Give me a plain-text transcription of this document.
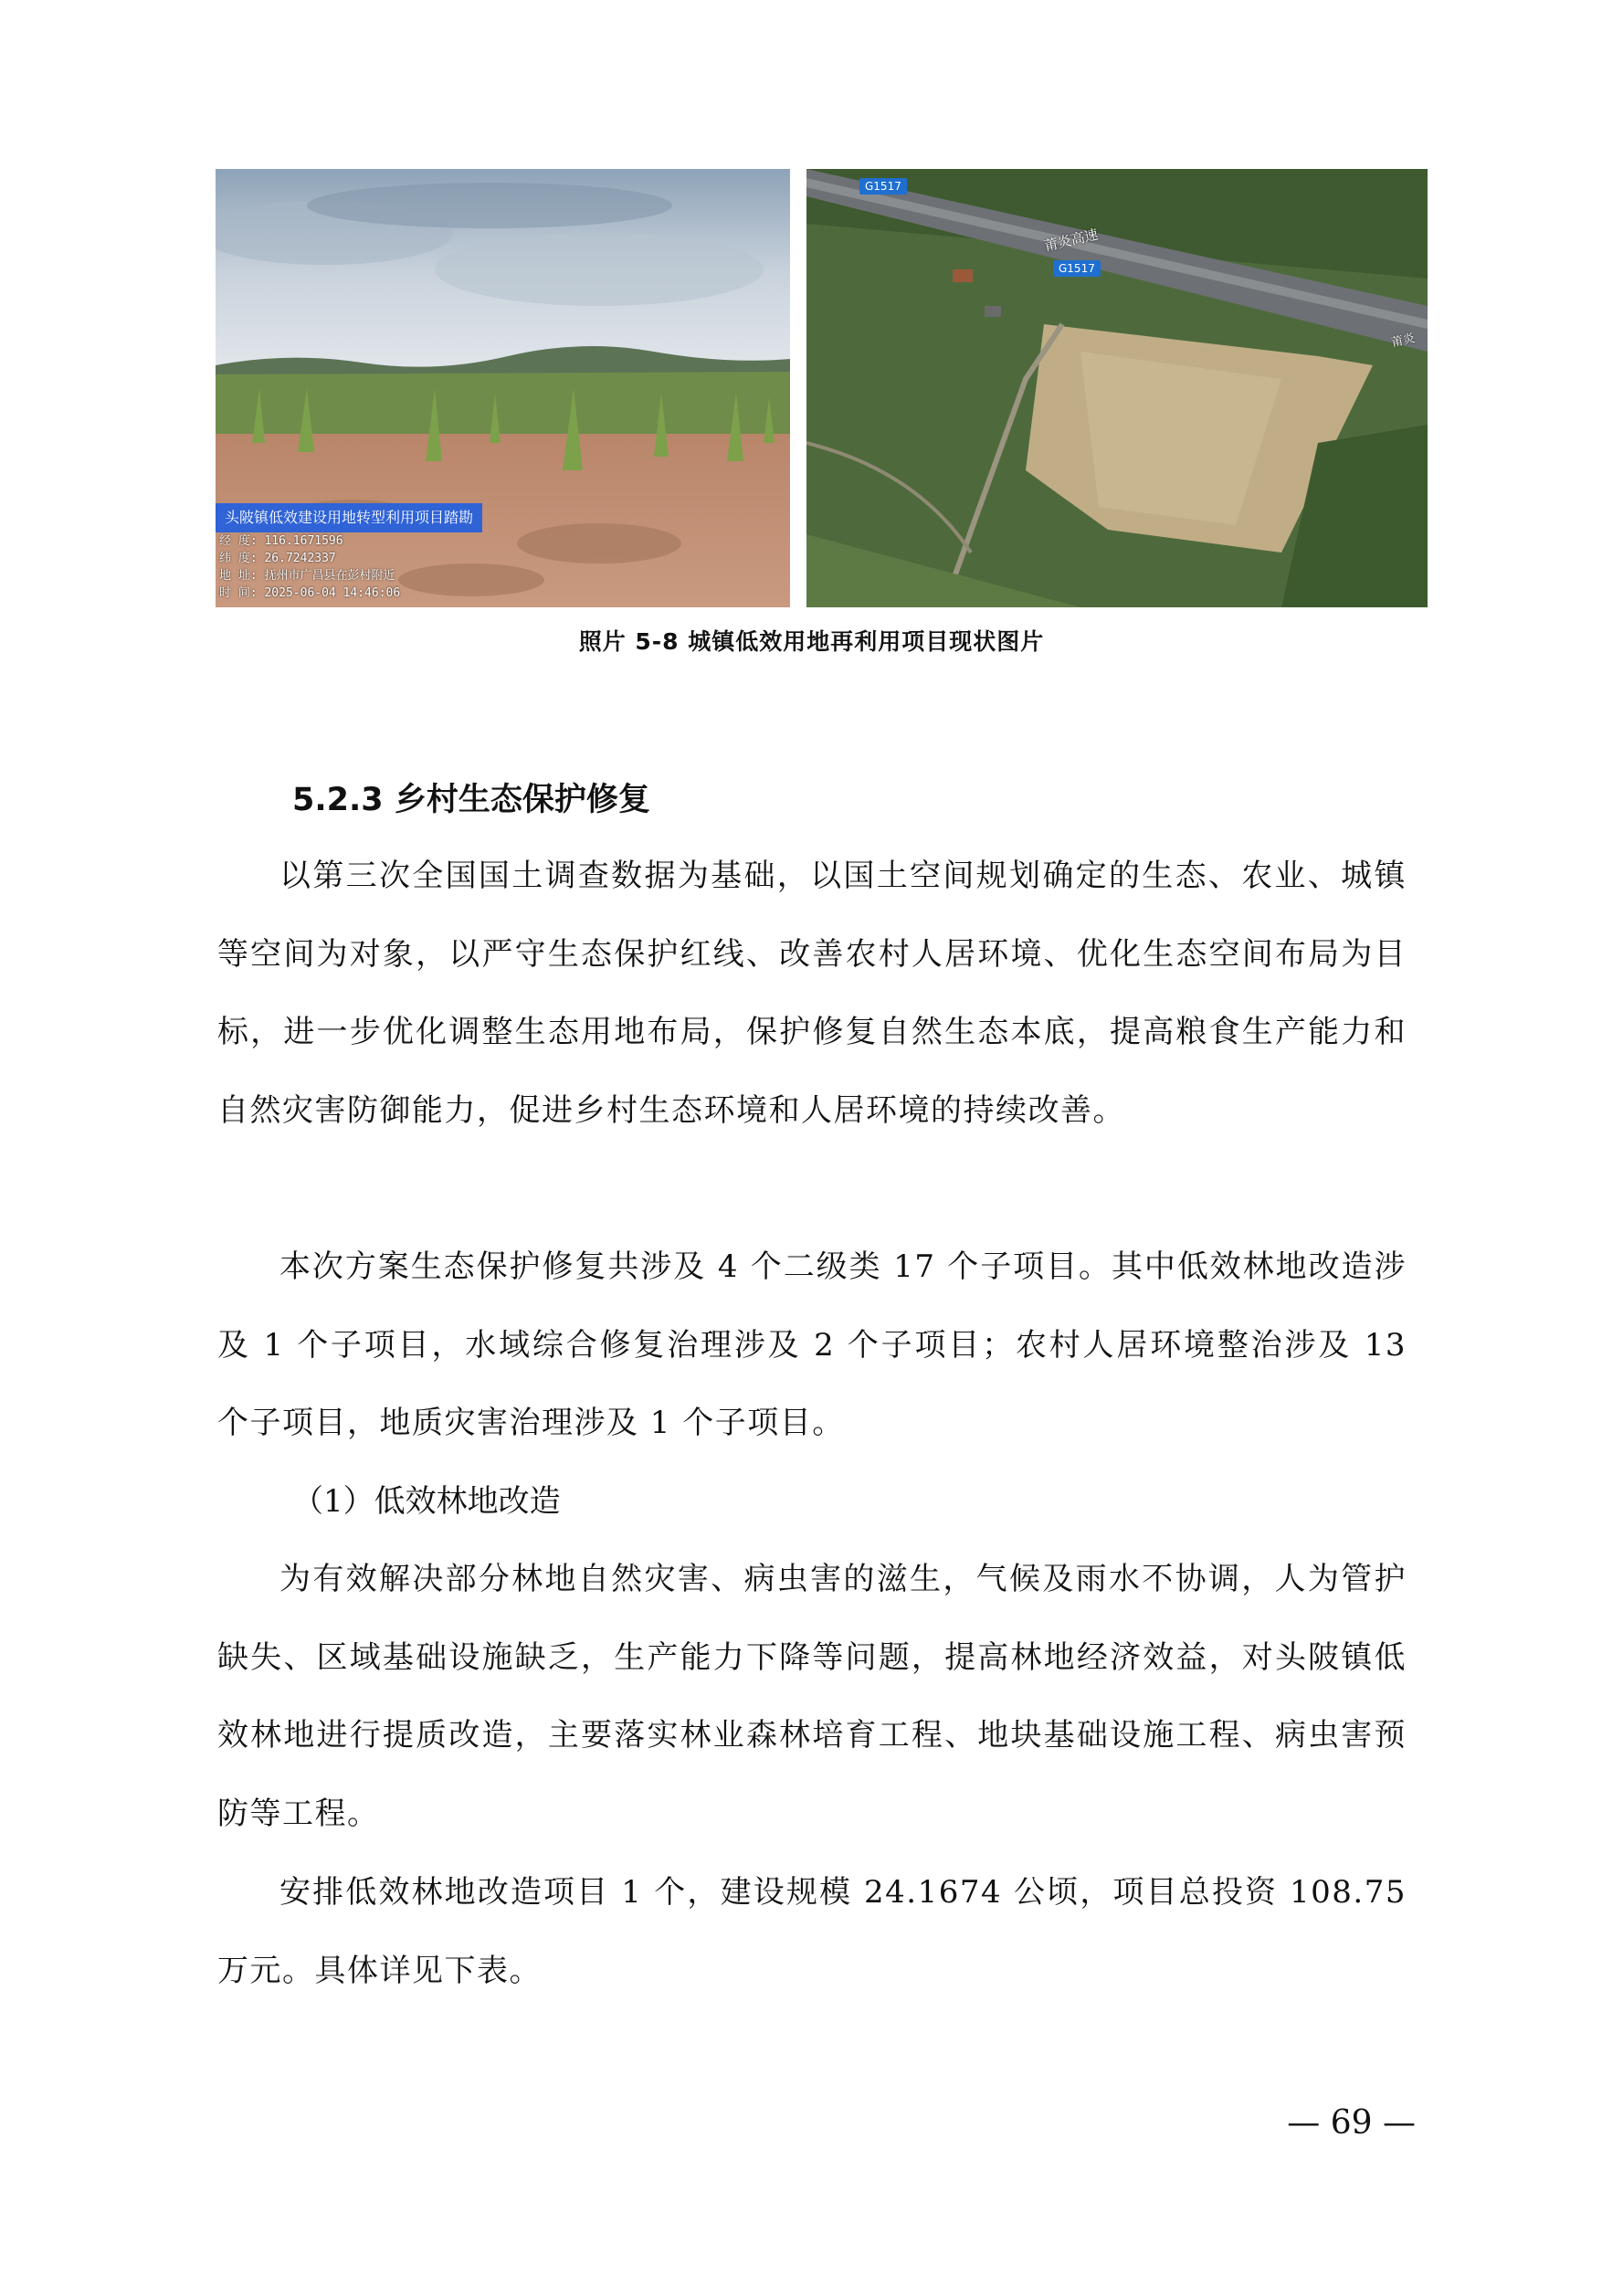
头陂镇低效建设用地转型利用项目踏勘
经 度: 116.1671596
纬 度: 26.7242337
地 址: 抚州市广昌县在彭村附近
时 间: 2025-06-04 14:46:06
G1517
G1517
莆炎高速
莆炎
照片 5-8 城镇低效用地再利用项目现状图片
5.2.3 乡村生态保护修复

以第三次全国国土调查数据为基础，以国土空间规划确定的生态、农业、城镇等空间为对象，以严守生态保护红线、改善农村人居环境、优化生态空间布局为目标，进一步优化调整生态用地布局，保护修复自然生态本底，提高粮食生产能力和自然灾害防御能力，促进乡村生态环境和人居环境的持续改善。

本次方案生态保护修复共涉及 4 个二级类 17 个子项目。其中低效林地改造涉及 1 个子项目，水域综合修复治理涉及 2 个子项目；农村人居环境整治涉及 13 个子项目，地质灾害治理涉及 1 个子项目。

（1）低效林地改造

为有效解决部分林地自然灾害、病虫害的滋生，气候及雨水不协调，人为管护缺失、区域基础设施缺乏，生产能力下降等问题，提高林地经济效益，对头陂镇低效林地进行提质改造，主要落实林业森林培育工程、地块基础设施工程、病虫害预防等工程。

安排低效林地改造项目 1 个，建设规模 24.1674 公顷，项目总投资 108.75 万元。具体详见下表。

— 69 —
